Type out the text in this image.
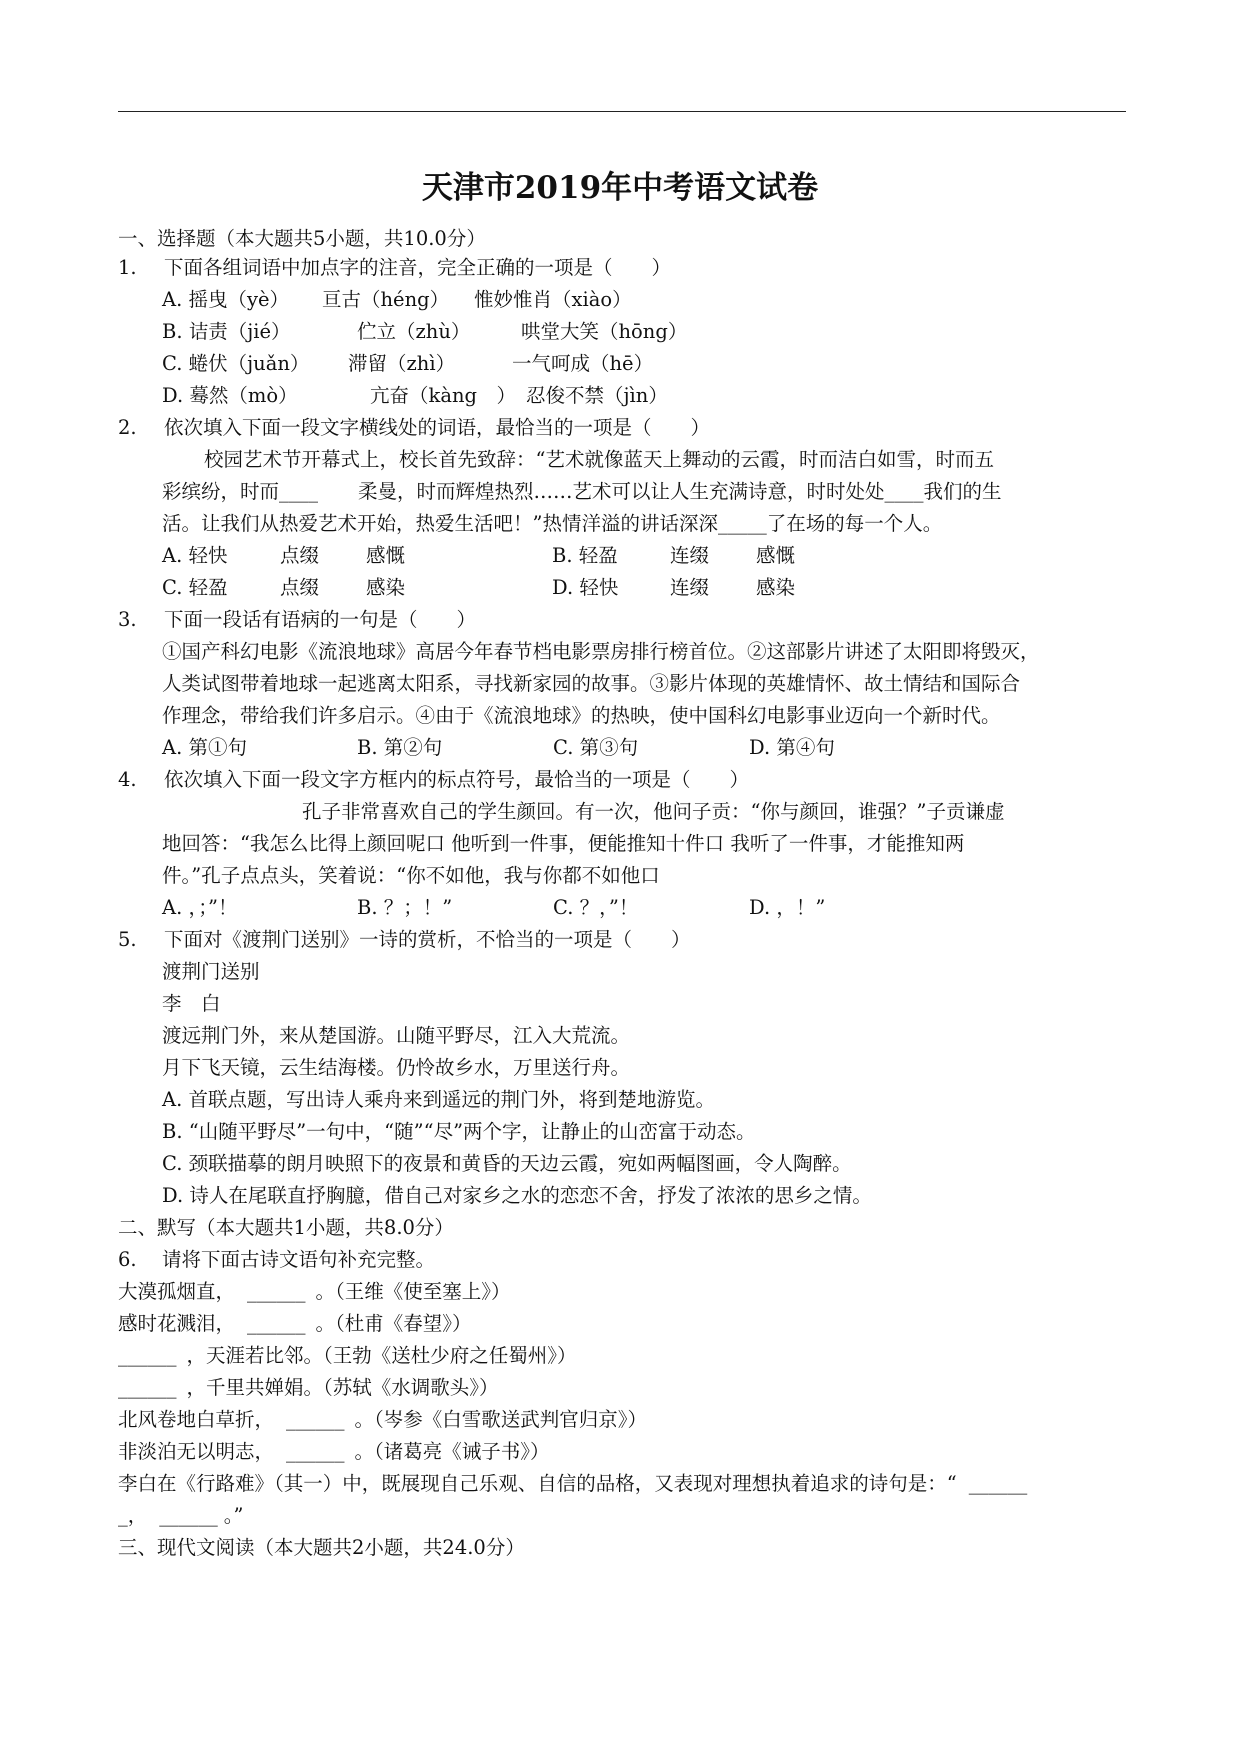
天津市2019年中考语文试卷
一、选择题（本大题共5小题，共10.0分）
1. 下面各组词语中加点字的注音，完全正确的一项是（　　）
A. 摇曳（yè） 亘古（héng） 惟妙惟肖（xiào）
B. 诘责（jié）	伫立（zhù）	哄堂大笑（hōng）
C. 蜷伏（juǎn） 滞留（zhì）	一气呵成（hē）
D. 蓦然（mò）	亢奋（kàng　） 忍俊不禁（jìn）
2. 依次填入下面一段文字横线处的词语，最恰当的一项是（　　）
校园艺术节开幕式上，校长首先致辞：“艺术就像蓝天上舞动的云霞，时而洁白如雪，时而五
彩缤纷，时而____ 柔曼，时而辉煌热烈……艺术可以让人生充满诗意，时时处处____我们的生
活。让我们从热爱艺术开始，热爱生活吧！”热情洋溢的讲话深深_____了在场的每一个人。
A. 轻快	点缀 感慨	B. 轻盈	连缀 感慨
C. 轻盈	点缀 感染	D. 轻快	连缀 感染
3. 下面一段话有语病的一句是（　　）
①国产科幻电影《流浪地球》高居今年春节档电影票房排行榜首位。②这部影片讲述了太阳即将毁灭，
人类试图带着地球一起逃离太阳系，寻找新家园的故事。③影片体现的英雄情怀、故土情结和国际合
作理念，带给我们许多启示。④由于《流浪地球》的热映，使中国科幻电影事业迈向一个新时代。
A. 第①句	B. 第②句	C. 第③句	D. 第④句
4. 依次填入下面一段文字方框内的标点符号，最恰当的一项是（　　）
孔子非常喜欢自己的学生颜回。有一次，他问子贡：“你与颜回，谁强？”子贡谦虚
地回答：“我怎么比得上颜回呢口 他听到一件事，便能推知十件口 我听了一件事，才能推知两
件。”孔子点点头，笑着说：“你不如他，我与你都不如他口
A. ，；”！	B. ？；！”	C. ？，”！	D. ，！”
5. 下面对《渡荆门送别》一诗的赏析，不恰当的一项是（　　）
渡荆门送别
李　白
渡远荆门外，来从楚国游。山随平野尽，江入大荒流。
月下飞天镜，云生结海楼。仍怜故乡水，万里送行舟。
A. 首联点题，写出诗人乘舟来到遥远的荆门外，将到楚地游览。
B. “山随平野尽”一句中，“随”“尽”两个字，让静止的山峦富于动态。
C. 颈联描摹的朗月映照下的夜景和黄昏的天边云霞，宛如两幅图画，令人陶醉。
D. 诗人在尾联直抒胸臆，借自己对家乡之水的恋恋不舍，抒发了浓浓的思乡之情。
二、默写（本大题共1小题，共8.0分）
6. 请将下面古诗文语句补充完整。
大漠孤烟直， ______ 。（王维《使至塞上》）
感时花溅泪， ______ 。（杜甫《春望》）
______ ，天涯若比邻。（王勃《送杜少府之任蜀州》）
______ ，千里共婵娟。（苏轼《水调歌头》）
北风卷地白草折， ______ 。（岑参《白雪歌送武判官归京》）
非淡泊无以明志， ______ 。（诸葛亮《诫子书》）
李白在《行路难》（其一）中，既展现自己乐观、自信的品格，又表现对理想执着追求的诗句是：“ ______
_， ______ 。”
三、现代文阅读（本大题共2小题，共24.0分）
